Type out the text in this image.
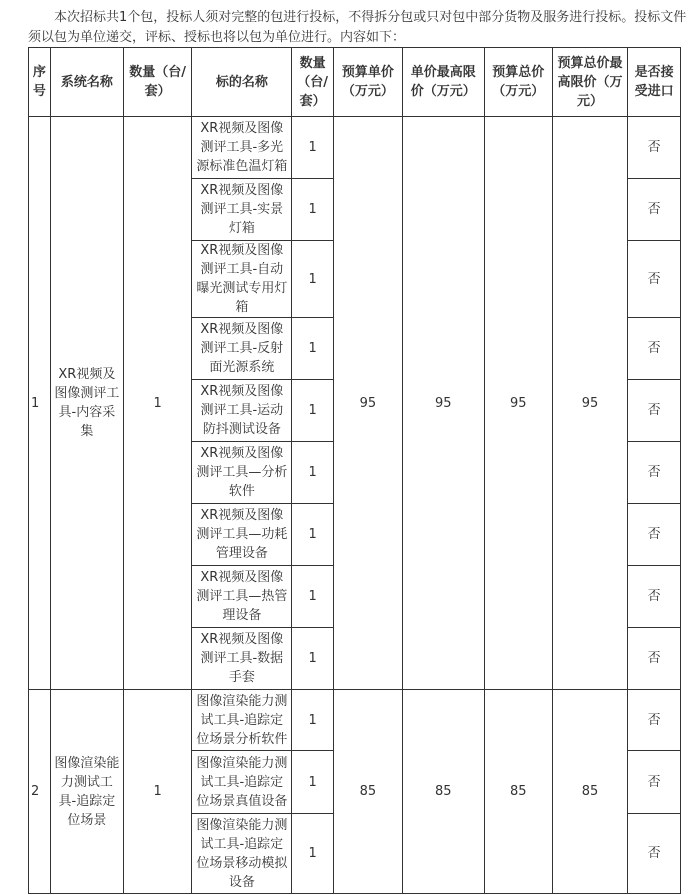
本次招标共1个包，投标人须对完整的包进行投标，不得拆分包或只对包中部分货物及服务进行投标。投标文件须以包为单位递交，评标、授标也将以包为单位进行。内容如下：

序号	系统名称	数量（台/套）	标的名称	数量（台/套）	预算单价（万元）	单价最高限价（万元）	预算总价（万元）	预算总价最高限价（万元）	是否接受进口
1	XR视频及图像测评工具-内容采集	1	XR视频及图像测评工具-多光源标准色温灯箱	1	95	95	95	95	否
			XR视频及图像测评工具-实景灯箱	1					否
			XR视频及图像测评工具-自动曝光测试专用灯箱	1					否
			XR视频及图像测评工具-反射面光源系统	1					否
			XR视频及图像测评工具-运动防抖测试设备	1					否
			XR视频及图像测评工具—分析软件	1					否
			XR视频及图像测评工具—功耗管理设备	1					否
			XR视频及图像测评工具—热管理设备	1					否
			XR视频及图像测评工具-数据手套	1					否
2	图像渲染能力测试工具-追踪定位场景	1	图像渲染能力测试工具-追踪定位场景分析软件	1	85	85	85	85	否
			图像渲染能力测试工具-追踪定位场景真值设备	1					否
			图像渲染能力测试工具-追踪定位场景移动模拟设备	1					否
